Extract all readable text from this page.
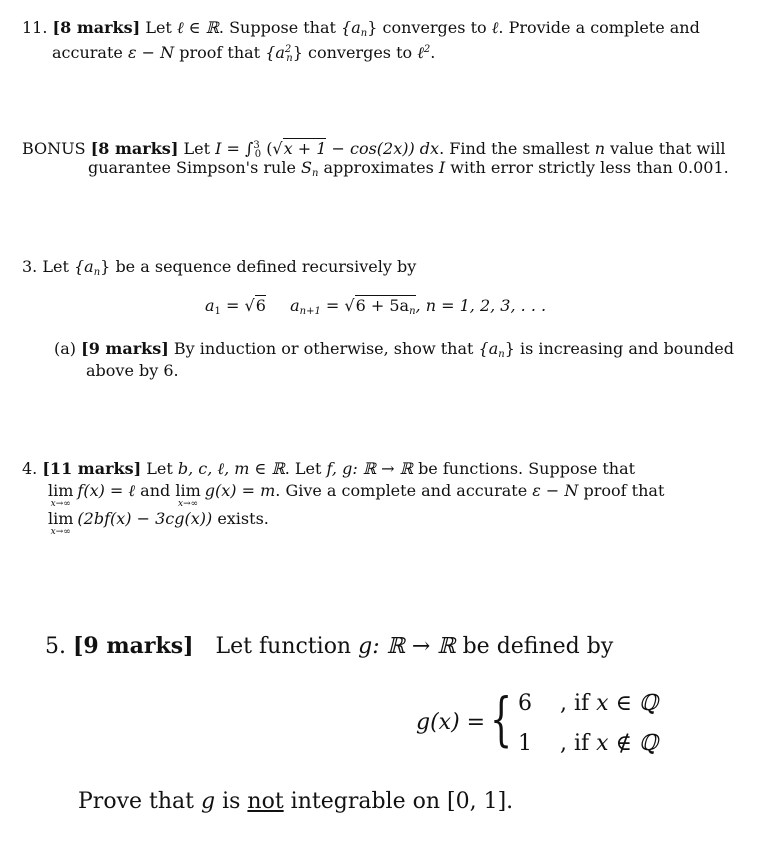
11. [8 marks] Let ℓ ∈ ℝ. Suppose that $\{a_n\}$ converges to ℓ. Provide a complete and
accurate ε − N proof that $\{a^2_n\}$ converges to ℓ$^2$.
BONUS [8 marks] Let I = ∫$^3_0$ (√x + 1 − cos(2x)) dx. Find the smallest n value that will
guarantee Simpson's rule $S_n$ approximates I with error strictly less than 0.001.
3. Let $\{a_n\}$ be a sequence defined recursively by
$a_1 = √6$ $a_{n+1} = √6 + 5a_n$, n = 1, 2, 3, . . .
(a) [9 marks] By induction or otherwise, show that $\{a_n\}$ is increasing and bounded
above by 6.
4. [11 marks] Let b, c, ℓ, m ∈ ℝ. Let f, g: ℝ → ℝ be functions. Suppose that
lim
x→∞
f(x) = ℓ and lim
x→∞
g(x) = m. Give a complete and accurate ε − N proof that
lim
x→∞
(2bf(x) − 3cg(x)) exists.
5. [9 marks] Let function g: ℝ → ℝ be defined by
g(x) = { 6 , if x ∈ ℚ
1 , if x ∉ ℚ
Prove that g is not integrable on [0, 1].
